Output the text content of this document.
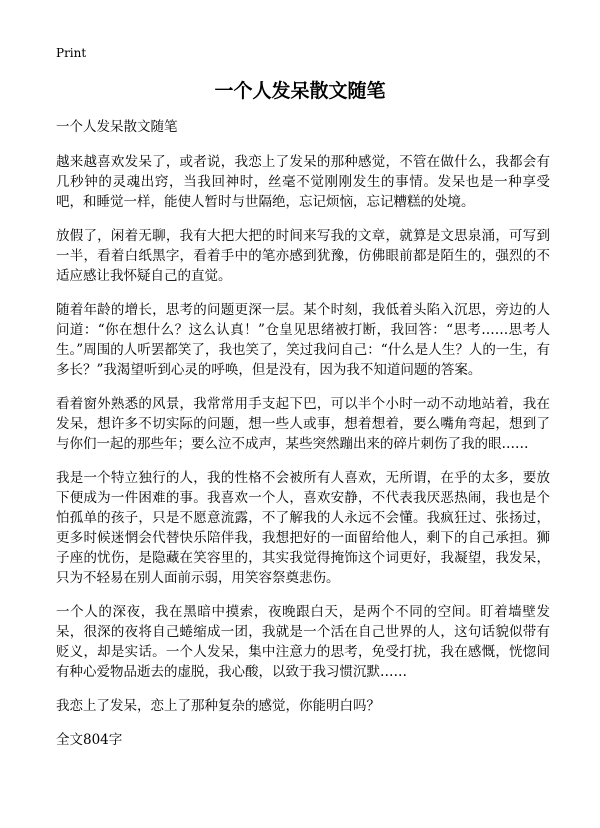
Print
一个人发呆散文随笔
一个人发呆散文随笔

越来越喜欢发呆了，或者说，我恋上了发呆的那种感觉，不管在做什么，我都会有几秒钟的灵魂出窍，当我回神时，丝毫不觉刚刚发生的事情。发呆也是一种享受吧，和睡觉一样，能使人暂时与世隔绝，忘记烦恼，忘记糟糕的处境。

放假了，闲着无聊，我有大把大把的时间来写我的文章，就算是文思泉涌，可写到一半，看着白纸黑字，看着手中的笔亦感到犹豫，仿佛眼前都是陌生的，强烈的不适应感让我怀疑自己的直觉。

随着年龄的增长，思考的问题更深一层。某个时刻，我低着头陷入沉思，旁边的人问道：“你在想什么？这么认真！”仓皇见思绪被打断，我回答：“思考……思考人生。”周围的人听罢都笑了，我也笑了，笑过我问自己：“什么是人生？人的一生，有多长？”我渴望听到心灵的呼唤，但是没有，因为我不知道问题的答案。

看着窗外熟悉的风景，我常常用手支起下巴，可以半个小时一动不动地站着，我在发呆，想许多不切实际的问题，想一些人或事，想着想着，要么嘴角弯起，想到了与你们一起的那些年；要么泣不成声，某些突然蹦出来的碎片刺伤了我的眼……

我是一个特立独行的人，我的性格不会被所有人喜欢，无所谓，在乎的太多，要放下便成为一件困难的事。我喜欢一个人，喜欢安静，不代表我厌恶热闹，我也是个怕孤单的孩子，只是不愿意流露，不了解我的人永远不会懂。我疯狂过、张扬过，更多时候迷惘会代替快乐陪伴我，我想把好的一面留给他人，剩下的自己承担。狮子座的忧伤，是隐藏在笑容里的，其实我觉得掩饰这个词更好，我凝望，我发呆，只为不轻易在别人面前示弱，用笑容祭奠悲伤。

一个人的深夜，我在黑暗中摸索，夜晚跟白天，是两个不同的空间。盯着墙壁发呆，很深的夜将自己蜷缩成一团，我就是一个活在自己世界的人，这句话貌似带有贬义，却是实话。一个人发呆，集中注意力的思考，免受打扰，我在感慨，恍惚间有种心爱物品逝去的虚脱，我心酸，以致于我习惯沉默……

我恋上了发呆，恋上了那种复杂的感觉，你能明白吗？

全文804字
